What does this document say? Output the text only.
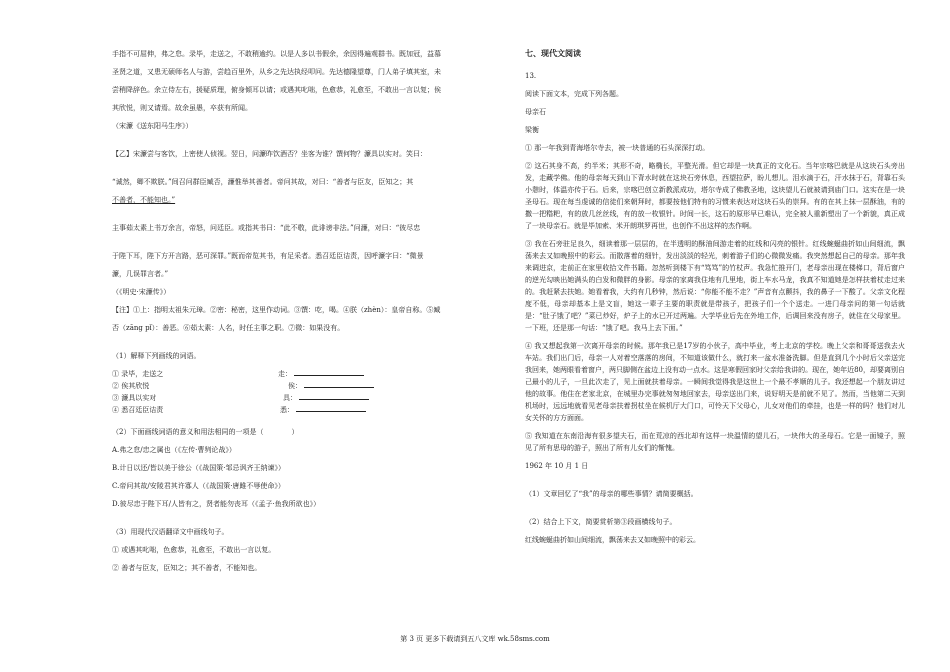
手指不可屈伸，弗之怠。录毕，走送之，不敢稍逾约。以是人多以书假余，余因得遍观群书。既加冠，益慕

圣贤之道，又患无硕师名人与游，尝趋百里外，从乡之先达执经叩问。先达德隆望尊，门人弟子填其室，未

尝稍降辞色。余立侍左右，援疑质理，俯身倾耳以请；或遇其叱咄，色愈恭，礼愈至，不敢出一言以复；俟

其欣悦，则又请焉。故余虽愚，卒获有所闻。

（宋濂《送东阳马生序》）

【乙】宋濂尝与客饮，上密使人侦视。翌日，问濂昨饮酒否？坐客为谁？馔何物？濂具以实对。笑曰：

“诚然，卿不欺朕。”间召问群臣臧否，濂惟举其善者。帝问其故，对曰：“善者与臣友，臣知之；其

不善者，不能知也。”

主事茹太素上书万余言，帝怒，问廷臣。或指其书曰：“此不敬，此诽谤非法。”问濂，对曰：“彼尽忠

于陛下耳，陛下方开言路，恶可深罪。”既而帝览其书，有足采者。悉召廷臣诘责，因呼濂字曰：“微景

濂，几误罪言者。”

（《明史·宋濂传》）

【注】①上：指明太祖朱元璋。②密：秘密，这里作动词。③馔：吃，喝。④朕（zhèn）：皇帝自称。⑤臧

否（zāng pǐ）：善恶。⑥茹太素：人名，时任主事之职。⑦微：如果没有。

（1）解释下列画线的词语。

① 录毕，走送之	走：
② 俟其欣悦	俟：
③ 濂具以实对	具：
④ 悉召廷臣诘责	悉：

（2）下面画线词语的意义和用法相同的一项是（　　　　）

A.弗之怠/忠之属也（《左传·曹刿论战》）

B.计日以还/皆以美于徐公（《战国策·邹忌讽齐王纳谏》）

C.帝问其故/安陵君其许寡人（《战国策·唐雎不辱使命》）

D.彼尽忠于陛下耳/人皆有之，贤者能勿丧耳（《孟子·鱼我所欲也》）

（3）用现代汉语翻译文中画线句子。

① 或遇其叱咄，色愈恭，礼愈至，不敢出一言以复。

② 善者与臣友，臣知之；其不善者，不能知也。

七、现代文阅读

13.

阅读下面文本，完成下列各题。

母亲石

梁衡

① 那一年我到青海塔尔寺去，被一块普通的石头深深打动。

② 这石其身不高，约半米；其形不奇，略椭长，平整光滑。但它却是一块真正的文化石。当年宗喀巴就是从这块石头旁出发，走藏学佛。他的母亲每天到山下背水时就在这块石旁休息，西望拉萨，盼儿想儿。泪水滴于石，汗水抹于石，背靠石头小憩时，体温亦传于石。后来，宗喀巴创立新教派成功，塔尔寺成了佛教圣地，这块望儿石就被请到庙门口。这实在是一块圣母石。现在每当虔诚的信徒们来朝拜时，都要按他们特有的习惯来表达对这块石头的崇拜。有的在其上抹一层酥油，有的撒一把糌粑，有的放几丝丝线，有的放一枚银针。时间一长，这石的原形早已难认，完全被人重新塑出了一个新貌，真正成了一块母亲石。就是毕加索、米开朗琪罗再世，也创作不出这样的杰作啊。

③ 我在石旁驻足良久，细读着那一层层的，在半透明的酥油间游走着的红线和闪亮的银针。红线蜿蜒曲折如山间细流，飘荡来去又如晚照中的彩云。而散落着的细针，发出淡淡的轻光，刺着游子们的心微微发痛。我突然想起自己的母亲。那年我来调进京，走前正在家里收拾文件书籍。忽然听到楼下有“笃笃”的竹杖声。我急忙推开门，老母亲出现在楼梯口，背后窗户的逆光勾映出她满头的白发和微胖的身影。母亲的家离我住地有几里地，街上车水马龙，我真不知道她是怎样扶着杖走过来的。我赶紧去扶她。她看着我，大约有几秒钟，然后说：“你能不能不走？”声音有点颤抖，我的鼻子一下酸了。父亲文化程度不低，母亲却基本上是文盲，她这一辈子主要的职责就是带孩子，把孩子们一个个送走。一进门母亲问的第一句话就是：“肚子饿了吧？”菜已炒好，炉子上的水已开过两遍。大学毕业后先在外地工作，后调回来没有房子，就住在父母家里。一下班，还是那一句话：“饿了吧。我马上去下面。”

④ 我又想起我第一次离开母亲的时候。那年我已是17岁的小伙子，高中毕业，考上北京的学校。晚上父亲和哥哥送我去火车站。我们出门后，母亲一人对着空落落的房间，不知道该做什么，就打来一盆水准备洗脚。但是直到几个小时后父亲送完我回来，她两眼看着窗户，两只脚侧在盆边上没有动一点水。这是寒假回家时父亲给我讲的。现在，她年近80，却要离别自己最小的儿子，一旦此次走了，见上面就扶着母亲。一瞬间我觉得我是这世上一个最不孝顺的儿子。我还想起一个朋友讲过他的故事。他住在老家北京，在城里办完事就匆匆地回家去，母亲送出门来，说好明天是前就不见了。然而，当他第二天到机场时，远远地就看见老母亲扶着拐杖坐在候机厅大门口，可怜天下父母心，儿女对他们的牵挂，也是一样的吗？他们对儿女关怀的方方面面。

⑤ 我知道在东南沿海有很多望夫石，而在荒凉的西北却有这样一块温情的望儿石，一块伟大的圣母石。它是一面镜子，照见了所有思母的游子，照出了所有儿女们的惭愧。

1962 年 10 月 1 日

（1）文章回忆了“我”的母亲的哪些事情？请简要概括。

（2）结合上下文，简要赏析第③段画横线句子。

红线蜿蜒曲折如山间细流，飘荡来去又如晚照中的彩云。

第 3 页 更多下载请到五八文库 wk.58sms.com
